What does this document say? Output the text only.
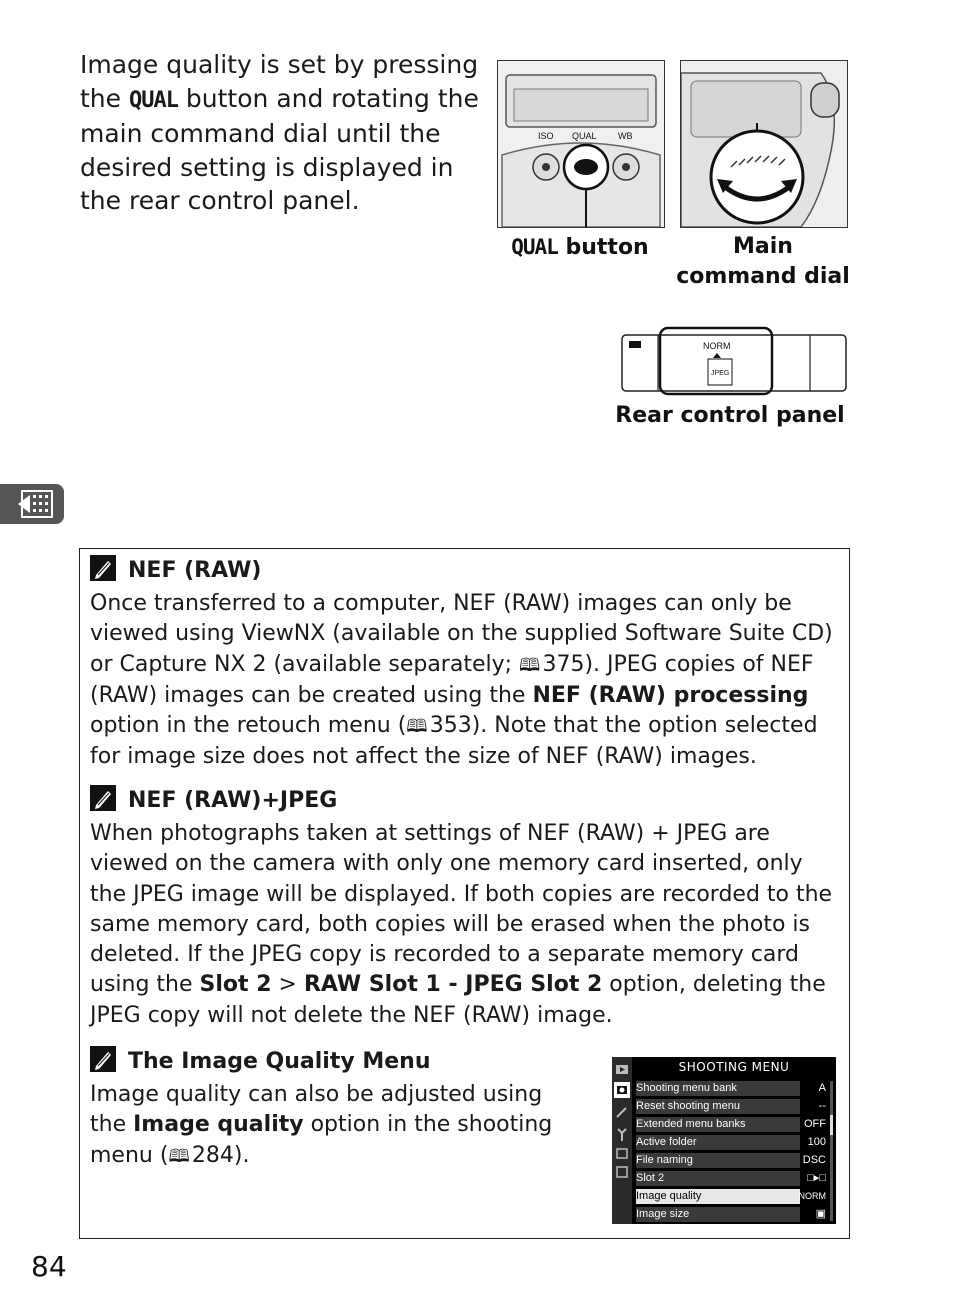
Image quality is set by pressing the QUAL button and rotating the main command dial until the desired setting is displayed in the rear control panel.
ISO QUAL WB
QUAL button	Main
command dial
NORM
JPEG
Rear control panel
NEF (RAW)
Once transferred to a computer, NEF (RAW) images can only be viewed using ViewNX (available on the supplied Software Suite CD) or Capture NX 2 (available separately; 🕮  375). JPEG copies of NEF (RAW) images can be created using the NEF (RAW) processing option in the retouch menu (🕮  353). Note that the option selected for image size does not affect the size of NEF (RAW) images.
NEF (RAW)+JPEG
When photographs taken at settings of NEF (RAW) + JPEG are viewed on the camera with only one memory card inserted, only the JPEG image will be displayed. If both copies are recorded to the same memory card, both copies will be erased when the photo is deleted. If the JPEG copy is recorded to a separate memory card using the Slot 2 > RAW Slot 1 - JPEG Slot 2 option, deleting the JPEG copy will not delete the NEF (RAW) image.
The Image Quality Menu
Image quality can also be adjusted using the Image quality option in the shooting menu (🕮  284).
SHOOTING MENU
Shooting menu bank	A
Reset shooting menu	--
Extended menu banks	OFF
Active folder	100
File naming	DSC
Slot 2	□▸□
Image quality	NORM
Image size	▣
84
